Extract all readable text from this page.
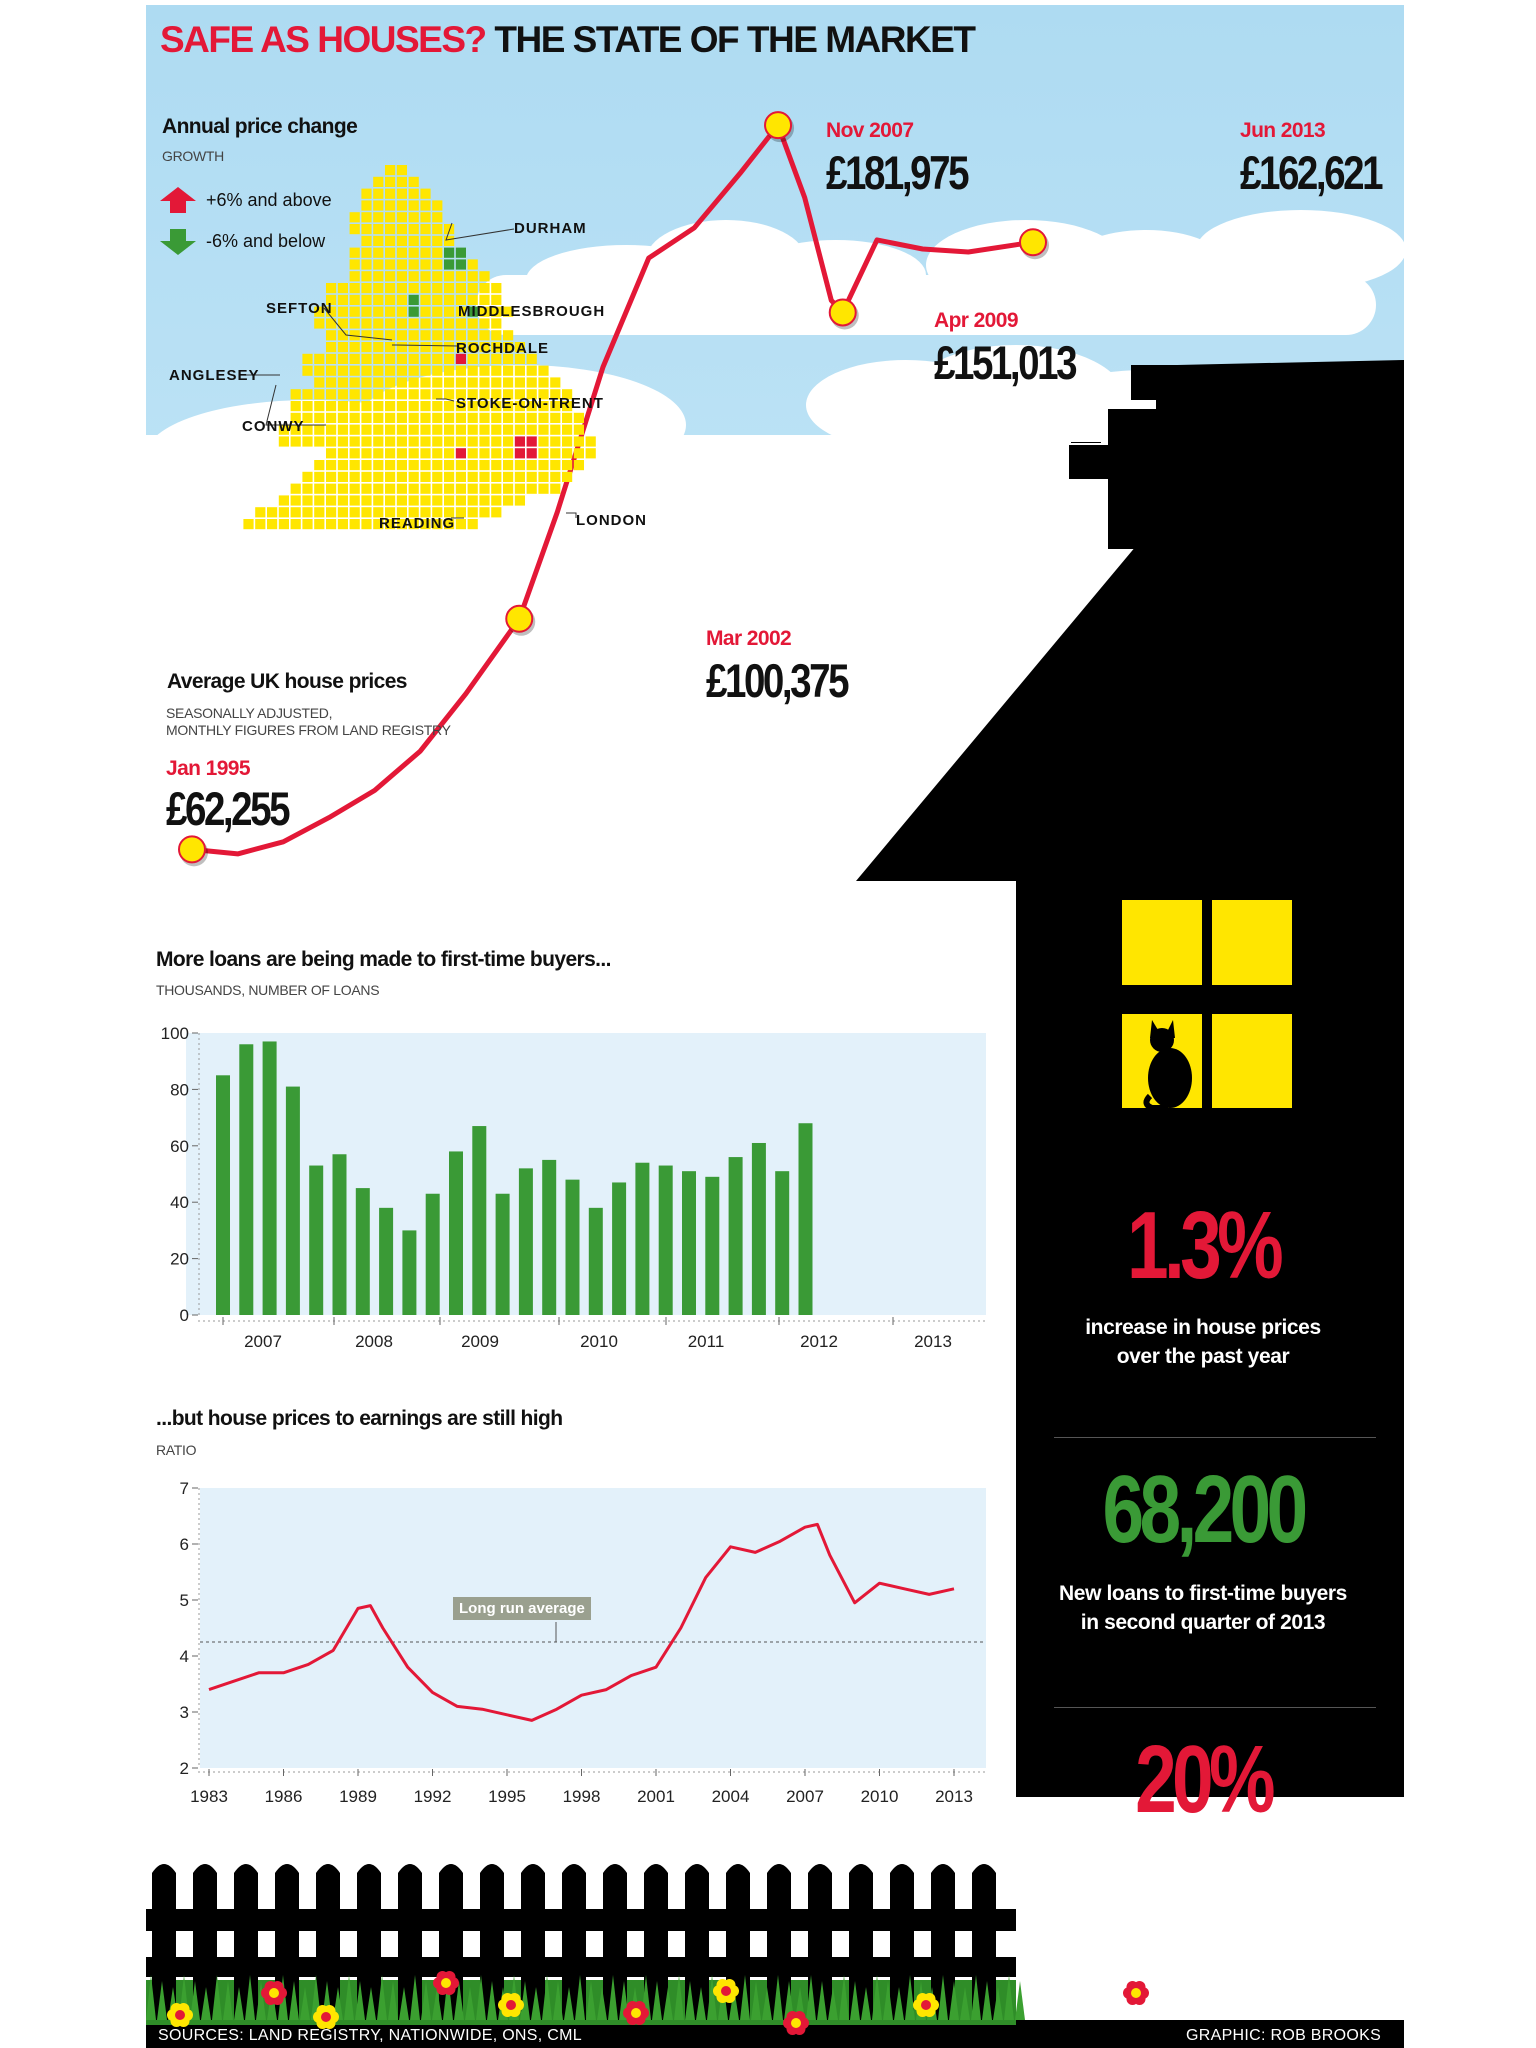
SAFE AS HOUSES? THE STATE OF THE MARKET
Annual price change
GROWTH
+6% and above
-6% and below
DURHAM
SEFTON	MIDDLESBROUGH
ROCHDALE
ANGLESEY
STOKE-ON-TRENT
CONWY
READING	LONDON
Average UK house prices
SEASONALLY ADJUSTED,
MONTHLY FIGURES FROM LAND REGISTRY
Jan 1995
£62,255
Mar 2002
£100,375
Nov 2007
£181,975
Apr 2009
£151,013
Jun 2013
£162,621
More loans are being made to first-time buyers...
THOUSANDS, NUMBER OF LOANS
0
20
40
60
80
100
2007	2008	2009	2010	2011	2012	2013
...but house prices to earnings are still high
RATIO
2
3
4
5
6
7
1983 1986 1989 1992 1995 1998 2001 2004 2007 2010 2013
Long run average
1.3%
increase in house prices over the past year
68,200
New loans to first-time buyers in second quarter of 2013
20%
The equity loan to first-time buyers of new builds offered by the Government
SOURCES: LAND REGISTRY, NATIONWIDE, ONS, CML	GRAPHIC: ROB BROOKS
